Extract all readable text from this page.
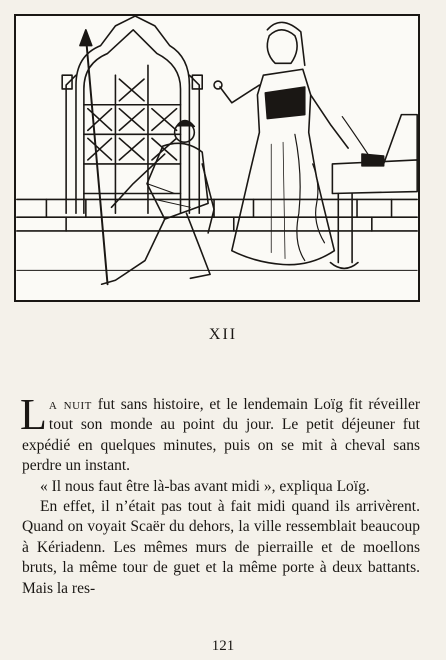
XII

La nuit fut sans histoire, et le lendemain Loïg fit réveiller tout son monde au point du jour. Le petit déjeuner fut expédié en quelques minutes, puis on se mit à cheval sans perdre un instant.

« Il nous faut être là-bas avant midi », expliqua Loïg.

En effet, il n’était pas tout à fait midi quand ils arrivèrent. Quand on voyait Scaër du dehors, la ville ressemblait beaucoup à Kériadenn. Les mêmes murs de pierraille et de moellons bruts, la même tour de guet et la même porte à deux battants. Mais la res-

121
